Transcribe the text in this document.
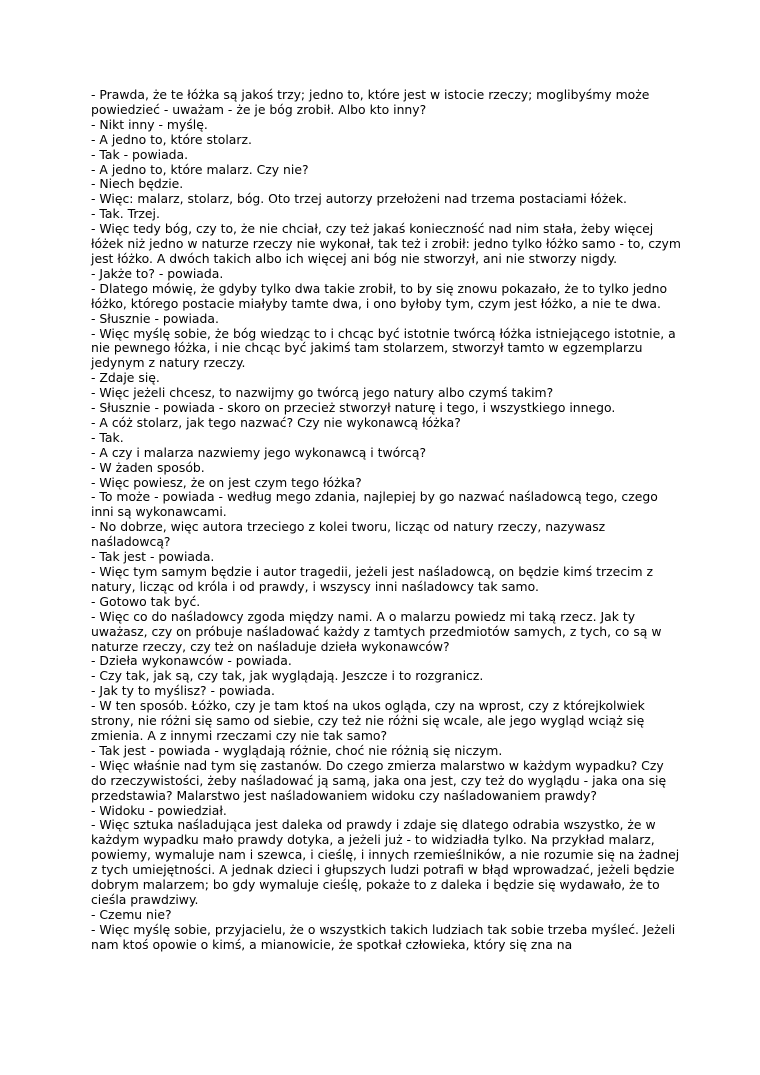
- Prawda, że te łóżka są jakoś trzy; jedno to, które jest w istocie rzeczy; moglibyśmy może powiedzieć - uważam - że je bóg zrobił. Albo kto inny?

- Nikt inny - myślę.

- A jedno to, które stolarz.

- Tak - powiada.

- A jedno to, które malarz. Czy nie?

- Niech będzie.

- Więc: malarz, stolarz, bóg. Oto trzej autorzy przełożeni nad trzema postaciami łóżek.

- Tak. Trzej.

- Więc tedy bóg, czy to, że nie chciał, czy też jakaś konieczność nad nim stała, żeby więcej łóżek niż jedno w naturze rzeczy nie wykonał, tak też i zrobił: jedno tylko łóżko samo - to, czym jest łóżko. A dwóch takich albo ich więcej ani bóg nie stworzył, ani nie stworzy nigdy.

- Jakże to? - powiada.

- Dlatego mówię, że gdyby tylko dwa takie zrobił, to by się znowu pokazało, że to tylko jedno łóżko, którego postacie miałyby tamte dwa, i ono byłoby tym, czym jest łóżko, a nie te dwa.

- Słusznie - powiada.

- Więc myślę sobie, że bóg wiedząc to i chcąc być istotnie twórcą łóżka istniejącego istotnie, a nie pewnego łóżka, i nie chcąc być jakimś tam stolarzem, stworzył tamto w egzemplarzu jedynym z natury rzeczy.

- Zdaje się.

- Więc jeżeli chcesz, to nazwijmy go twórcą jego natury albo czymś takim?

- Słusznie - powiada - skoro on przecież stworzył naturę i tego, i wszystkiego innego.

- A cóż stolarz, jak tego nazwać? Czy nie wykonawcą łóżka?

- Tak.

- A czy i malarza nazwiemy jego wykonawcą i twórcą?

- W żaden sposób.

- Więc powiesz, że on jest czym tego łóżka?

- To może - powiada - według mego zdania, najlepiej by go nazwać naśladowcą tego, czego inni są wykonawcami.

- No dobrze, więc autora trzeciego z kolei tworu, licząc od natury rzeczy, nazywasz naśladowcą?

- Tak jest - powiada.

- Więc tym samym będzie i autor tragedii, jeżeli jest naśladowcą, on będzie kimś trzecim z natury, licząc od króla i od prawdy, i wszyscy inni naśladowcy tak samo.

- Gotowo tak być.

- Więc co do naśladowcy zgoda między nami. A o malarzu powiedz mi taką rzecz. Jak ty uważasz, czy on próbuje naśladować każdy z tamtych przedmiotów samych, z tych, co są w naturze rzeczy, czy też on naśladuje dzieła wykonawców?

- Dzieła wykonawców - powiada.

- Czy tak, jak są, czy tak, jak wyglądają. Jeszcze i to rozgranicz.

- Jak ty to myślisz? - powiada.

- W ten sposób. Łóżko, czy je tam ktoś na ukos ogląda, czy na wprost, czy z którejkolwiek strony, nie różni się samo od siebie, czy też nie różni się wcale, ale jego wygląd wciąż się zmienia. A z innymi rzeczami czy nie tak samo?

- Tak jest - powiada - wyglądają różnie, choć nie różnią się niczym.

- Więc właśnie nad tym się zastanów. Do czego zmierza malarstwo w każdym wypadku? Czy do rzeczywistości, żeby naśladować ją samą, jaka ona jest, czy też do wyglądu - jaka ona się przedstawia? Malarstwo jest naśladowaniem widoku czy naśladowaniem prawdy?

- Widoku - powiedział.

- Więc sztuka naśladująca jest daleka od prawdy i zdaje się dlatego odrabia wszystko, że w każdym wypadku mało prawdy dotyka, a jeżeli już - to widziadła tylko. Na przykład malarz, powiemy, wymaluje nam i szewca, i cieślę, i innych rzemieślników, a nie rozumie się na żadnej z tych umiejętności. A jednak dzieci i głupszych ludzi potrafi w błąd wprowadzać, jeżeli będzie dobrym malarzem; bo gdy wymaluje cieślę, pokaże to z daleka i będzie się wydawało, że to cieśla prawdziwy.

- Czemu nie?

- Więc myślę sobie, przyjacielu, że o wszystkich takich ludziach tak sobie trzeba myśleć. Jeżeli nam ktoś opowie o kimś, a mianowicie, że spotkał człowieka, który się zna na
